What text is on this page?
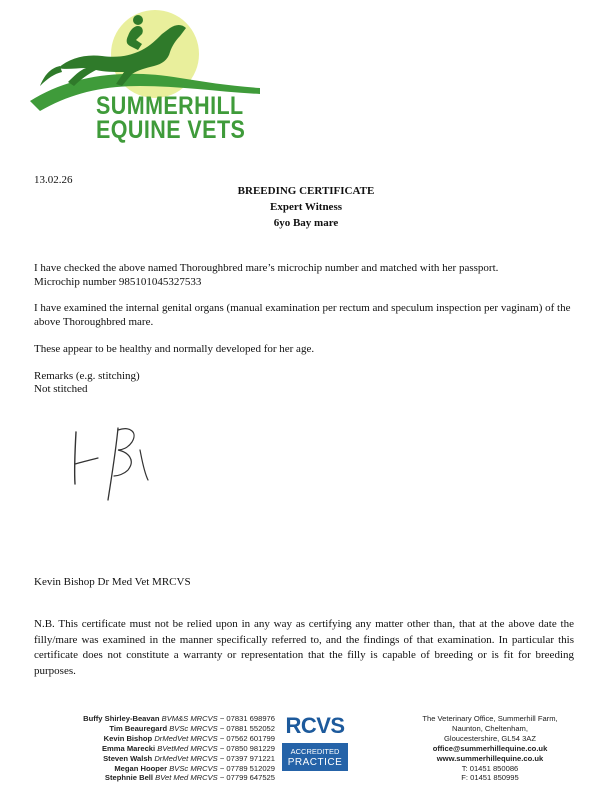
SUMMERHILL
EQUINE VETS
13.02.26
BREEDING CERTIFICATE
Expert Witness
6yo Bay mare
I have checked the above named Thoroughbred mare’s microchip number and matched with her passport.
Microchip number 985101045327533
I have examined the internal genital organs (manual examination per rectum and speculum inspection per vaginam) of the above Thoroughbred mare.
These appear to be healthy and normally developed for her age.
Remarks (e.g. stitching)
Not stitched
Kevin Bishop Dr Med Vet MRCVS
N.B. This certificate must not be relied upon in any way as certifying any matter other than, that at the above date the filly/mare was examined in the manner specifically referred to, and the findings of that examination. In particular this certificate does not constitute a warranty or representation that the filly is capable of breeding or is fit for breeding purposes.
Buffy Shirley-Beavan BVM&S MRCVS ~ 07831 698976
Tim Beauregard BVSc MRCVS ~ 07881 552052
Kevin Bishop DrMedVet MRCVS ~ 07562 601799
Emma Marecki BVetMed MRCVS ~ 07850 981229
Steven Walsh DrMedVet MRCVS ~ 07397 971221
Megan Hooper BVSc MRCVS ~ 07789 512029
Stephnie Bell BVet Med MRCVS ~ 07799 647525
RCVS
ACCREDITED
PRACTICE
The Veterinary Office, Summerhill Farm,
Naunton, Cheltenham,
Gloucestershire, GL54 3AZ
office@summerhillequine.co.uk
www.summerhillequine.co.uk
T: 01451 850086
F: 01451 850995
